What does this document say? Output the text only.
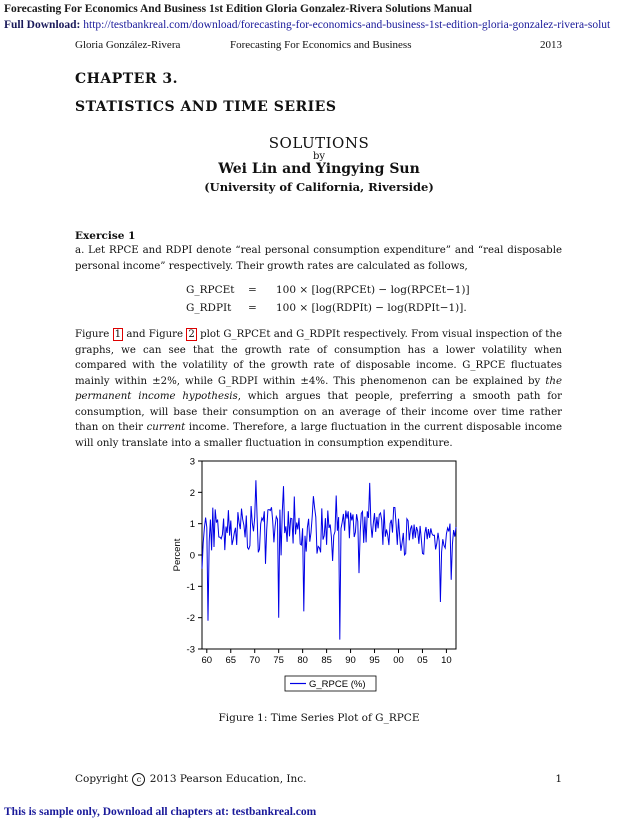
Forecasting For Economics And Business 1st Edition Gloria Gonzalez-Rivera Solutions Manual
Full Download: http://testbankreal.com/download/forecasting-for-economics-and-business-1st-edition-gloria-gonzalez-rivera-solut
Gloria González-Rivera	Forecasting For Economics and Business	2013
CHAPTER 3.
STATISTICS AND TIME SERIES
SOLUTIONS
by
Wei Lin and Yingying Sun
(University of California, Riverside)
Exercise 1
a. Let RPCE and RDPI denote “real personal consumption expenditure” and “real disposable personal income” respectively. Their growth rates are calculated as follows,
G_RPCEt = 100 × [log(RPCEt) − log(RPCEt−1)]
G_RDPIt = 100 × [log(RDPIt) − log(RDPIt−1)].
Figure 1 and Figure 2 plot G_RPCEt and G_RDPIt respectively. From visual inspection of the graphs, we can see that the growth rate of consumption has a lower volatility when compared with the volatility of the growth rate of disposable income. G_RPCE fluctuates mainly within ±2%, while G_RDPI within ±4%. This phenomenon can be explained by the permanent income hypothesis, which argues that people, preferring a smooth path for consumption, will base their consumption on an average of their income over time rather than on their current income. Therefore, a large fluctuation in the current disposable income will only translate into a smaller fluctuation in consumption expenditure.
3
2
1
0
-1
-2
-3
60 65 70 75 80 85 90 95 00 05 10
Percent
G_RPCE (%)
Figure 1: Time Series Plot of G_RPCE
Copyright c 2013 Pearson Education, Inc.	1
This is sample only, Download all chapters at: testbankreal.com
